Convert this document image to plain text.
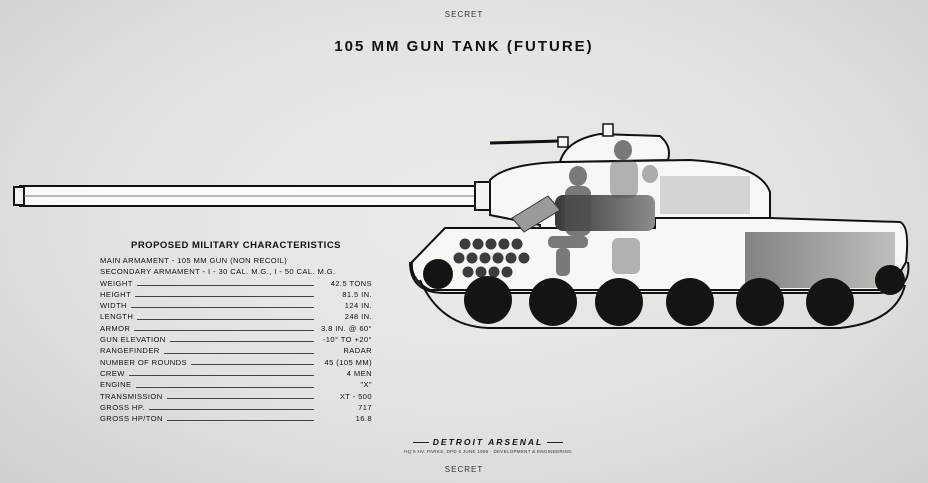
SECRET
105 MM GUN TANK (FUTURE)
PROPOSED MILITARY CHARACTERISTICS
MAIN ARMAMENT - 105 MM GUN (NON RECOIL)
SECONDARY ARMAMENT - I - 30 CAL. M.G., I - 50 CAL. M.G.
WEIGHT	42.5 TONS
HEIGHT	81.5 IN.
WIDTH	124 IN.
LENGTH	248 IN.
ARMOR	3.8 IN. @ 60°
GUN ELEVATION	-10° TO +20°
RANGEFINDER	RADAR
NUMBER OF ROUNDS	45 (105 MM)
CREW	4 MEN
ENGINE	"X"
TRANSMISSION	XT - 500
GROSS HP.	717
GROSS HP/TON	16.8
DETROIT ARSENAL
HQ'S HV. PARKS, DPD 6 JUNE 1955 · DEVELOPMENT & ENGINEERING
SECRET
